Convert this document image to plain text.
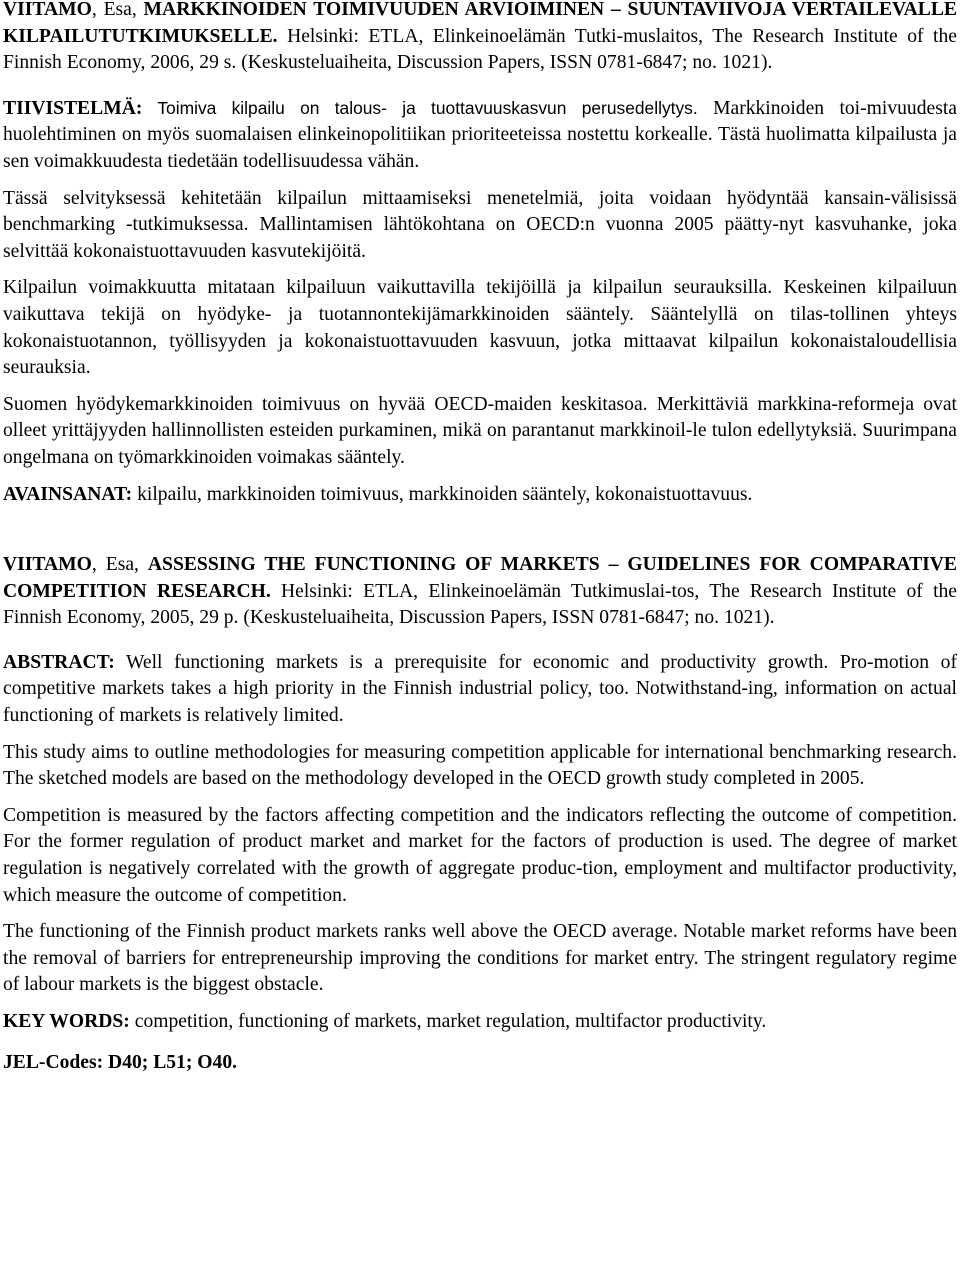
VIITAMO, Esa, MARKKINOIDEN TOIMIVUUDEN ARVIOIMINEN – SUUNTAVIIVOJA VERTAILEVALLE KILPAILUTUTKIMUKSELLE. Helsinki: ETLA, Elinkeinoelämän Tutki-muslaitos, The Research Institute of the Finnish Economy, 2006, 29 s. (Keskusteluaiheita, Discussion Papers, ISSN 0781-6847; no. 1021).

TIIVISTELMÄ: Toimiva kilpailu on talous- ja tuottavuuskasvun perusedellytys. Markkinoiden toi-mivuudesta huolehtiminen on myös suomalaisen elinkeinopolitiikan prioriteeteissa nostettu korkealle. Tästä huolimatta kilpailusta ja sen voimakkuudesta tiedetään todellisuudessa vähän.

Tässä selvityksessä kehitetään kilpailun mittaamiseksi menetelmiä, joita voidaan hyödyntää kansain-välisissä benchmarking -tutkimuksessa. Mallintamisen lähtökohtana on OECD:n vuonna 2005 päätty-nyt kasvuhanke, joka selvittää kokonaistuottavuuden kasvutekijöitä.

Kilpailun voimakkuutta mitataan kilpailuun vaikuttavilla tekijöillä ja kilpailun seurauksilla. Keskeinen kilpailuun vaikuttava tekijä on hyödyke- ja tuotannontekijämarkkinoiden sääntely. Sääntelyllä on tilas-tollinen yhteys kokonaistuotannon, työllisyyden ja kokonaistuottavuuden kasvuun, jotka mittaavat kilpailun kokonaistaloudellisia seurauksia.

Suomen hyödykemarkkinoiden toimivuus on hyvää OECD-maiden keskitasoa. Merkittäviä markkina-reformeja ovat olleet yrittäjyyden hallinnollisten esteiden purkaminen, mikä on parantanut markkinoil-le tulon edellytyksiä. Suurimpana ongelmana on työmarkkinoiden voimakas sääntely.

AVAINSANAT: kilpailu, markkinoiden toimivuus, markkinoiden sääntely, kokonaistuottavuus.

VIITAMO, Esa, ASSESSING THE FUNCTIONING OF MARKETS – GUIDELINES FOR COMPARATIVE COMPETITION RESEARCH. Helsinki: ETLA, Elinkeinoelämän Tutkimuslai-tos, The Research Institute of the Finnish Economy, 2005, 29 p. (Keskusteluaiheita, Discussion Papers, ISSN 0781-6847; no. 1021).

ABSTRACT: Well functioning markets is a prerequisite for economic and productivity growth. Pro-motion of competitive markets takes a high priority in the Finnish industrial policy, too. Notwithstand-ing, information on actual functioning of markets is relatively limited.

This study aims to outline methodologies for measuring competition applicable for international benchmarking research. The sketched models are based on the methodology developed in the OECD growth study completed in 2005.

Competition is measured by the factors affecting competition and the indicators reflecting the outcome of competition. For the former regulation of product market and market for the factors of production is used. The degree of market regulation is negatively correlated with the growth of aggregate produc-tion, employment and multifactor productivity, which measure the outcome of competition.

The functioning of the Finnish product markets ranks well above the OECD average. Notable market reforms have been the removal of barriers for entrepreneurship improving the conditions for market entry. The stringent regulatory regime of labour markets is the biggest obstacle.

KEY WORDS: competition, functioning of markets, market regulation, multifactor productivity.

JEL-Codes: D40; L51; O40.
